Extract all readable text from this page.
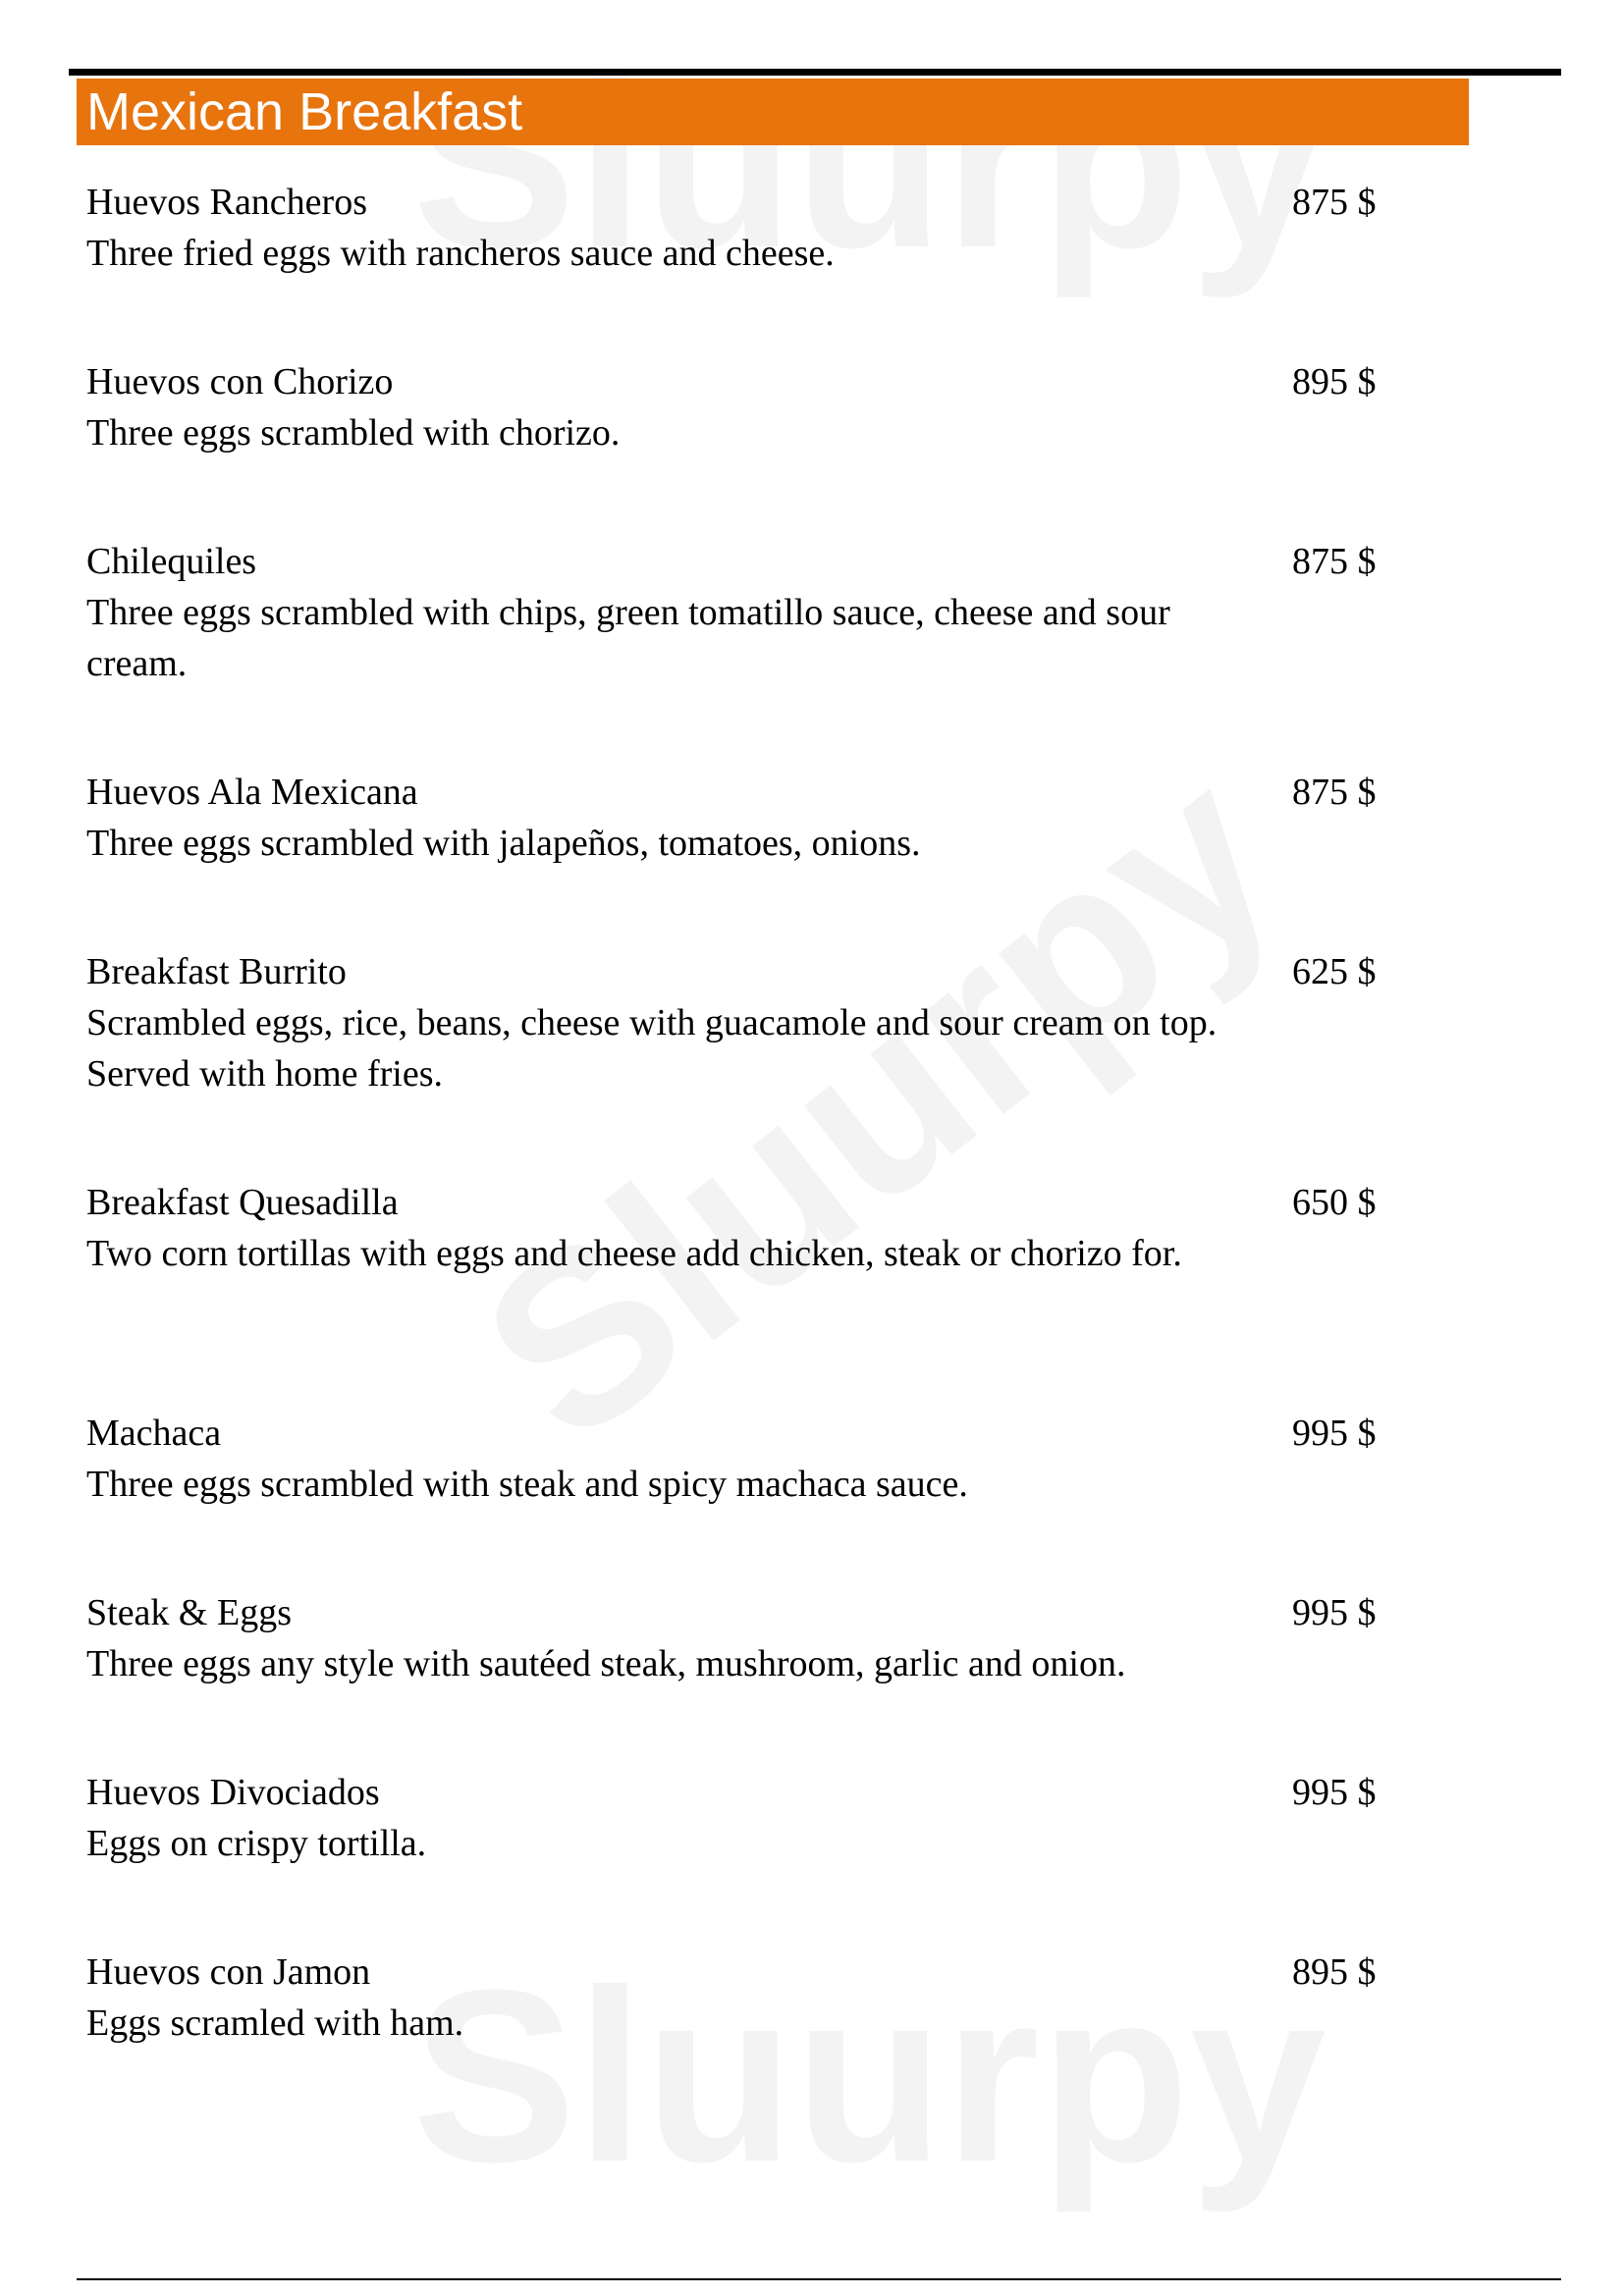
Mexican Breakfast
Huevos Rancheros
Three fried eggs with rancheros sauce and cheese.
875 $
Huevos con Chorizo
Three eggs scrambled with chorizo.
895 $
Chilequiles
Three eggs scrambled with chips, green tomatillo sauce, cheese and sour cream.
875 $
Huevos Ala Mexicana
Three eggs scrambled with jalapeños, tomatoes, onions.
875 $
Breakfast Burrito
Scrambled eggs, rice, beans, cheese with guacamole and sour cream on top. Served with home fries.
625 $
Breakfast Quesadilla
Two corn tortillas with eggs and cheese add chicken, steak or chorizo for.
650 $
Machaca
Three eggs scrambled with steak and spicy machaca sauce.
995 $
Steak & Eggs
Three eggs any style with sautéed steak, mushroom, garlic and onion.
995 $
Huevos Divociados
Eggs on crispy tortilla.
995 $
Huevos con Jamon
Eggs scramled with ham.
895 $
